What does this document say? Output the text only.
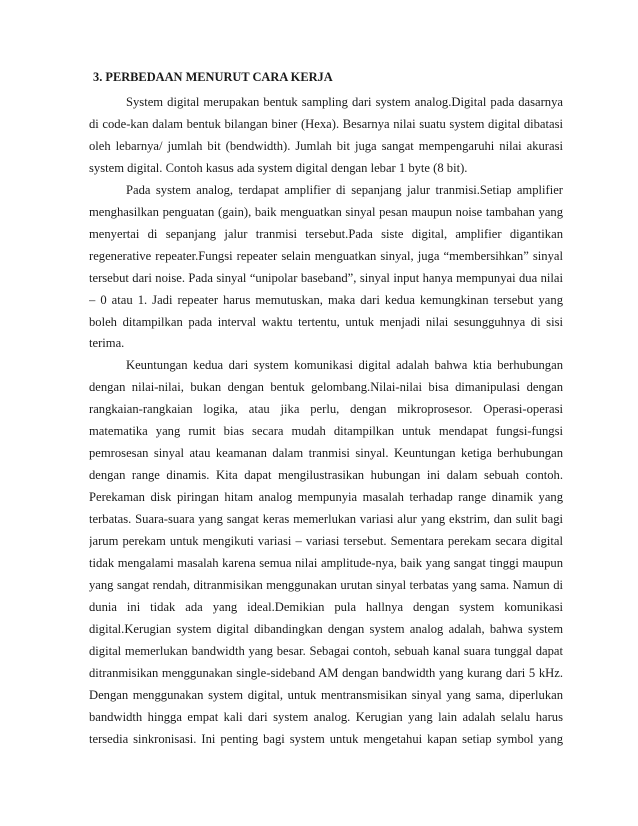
3. PERBEDAAN MENURUT CARA KERJA
System digital merupakan bentuk sampling dari system analog.Digital pada dasarnya
di code-kan dalam bentuk bilangan biner (Hexa). Besarnya nilai suatu system digital dibatasi
oleh lebarnya/ jumlah bit (bendwidth). Jumlah bit juga sangat mempengaruhi nilai akurasi
system digital. Contoh kasus ada system digital dengan lebar 1 byte (8 bit).
Pada system analog, terdapat amplifier di sepanjang jalur tranmisi.Setiap amplifier
menghasilkan penguatan (gain), baik menguatkan sinyal pesan maupun noise tambahan yang
menyertai di sepanjang jalur tranmisi tersebut.Pada siste digital, amplifier digantikan
regenerative repeater.Fungsi repeater selain menguatkan sinyal, juga “membersihkan” sinyal
tersebut dari noise. Pada sinyal “unipolar baseband”, sinyal input hanya mempunyai dua nilai
– 0 atau 1. Jadi repeater harus memutuskan, maka dari kedua kemungkinan tersebut yang
boleh ditampilkan pada interval waktu tertentu, untuk menjadi nilai sesungguhnya di sisi
terima.
Keuntungan kedua dari system komunikasi digital adalah bahwa ktia berhubungan
dengan nilai-nilai, bukan dengan bentuk gelombang.Nilai-nilai bisa dimanipulasi dengan
rangkaian-rangkaian logika, atau jika perlu, dengan mikroprosesor. Operasi-operasi
matematika yang rumit bias secara mudah ditampilkan untuk mendapat fungsi-fungsi
pemrosesan sinyal atau keamanan dalam tranmisi sinyal. Keuntungan ketiga berhubungan
dengan range dinamis. Kita dapat mengilustrasikan hubungan ini dalam sebuah contoh.
Perekaman disk piringan hitam analog mempunyia masalah terhadap range dinamik yang
terbatas. Suara-suara yang sangat keras memerlukan variasi alur yang ekstrim, dan sulit bagi
jarum perekam untuk mengikuti variasi – variasi tersebut. Sementara perekam secara digital
tidak mengalami masalah karena semua nilai amplitude-nya, baik yang sangat tinggi maupun
yang sangat rendah, ditranmisikan menggunakan urutan sinyal terbatas yang sama. Namun di
dunia ini tidak ada yang ideal.Demikian pula hallnya dengan system komunikasi
digital.Kerugian system digital dibandingkan dengan system analog adalah, bahwa system
digital memerlukan bandwidth yang besar. Sebagai contoh, sebuah kanal suara tunggal dapat
ditranmisikan menggunakan single-sideband AM dengan bandwidth yang kurang dari 5 kHz.
Dengan menggunakan system digital, untuk mentransmisikan sinyal yang sama, diperlukan
bandwidth hingga empat kali dari system analog. Kerugian yang lain adalah selalu harus
tersedia sinkronisasi. Ini penting bagi system untuk mengetahui kapan setiap symbol yang
